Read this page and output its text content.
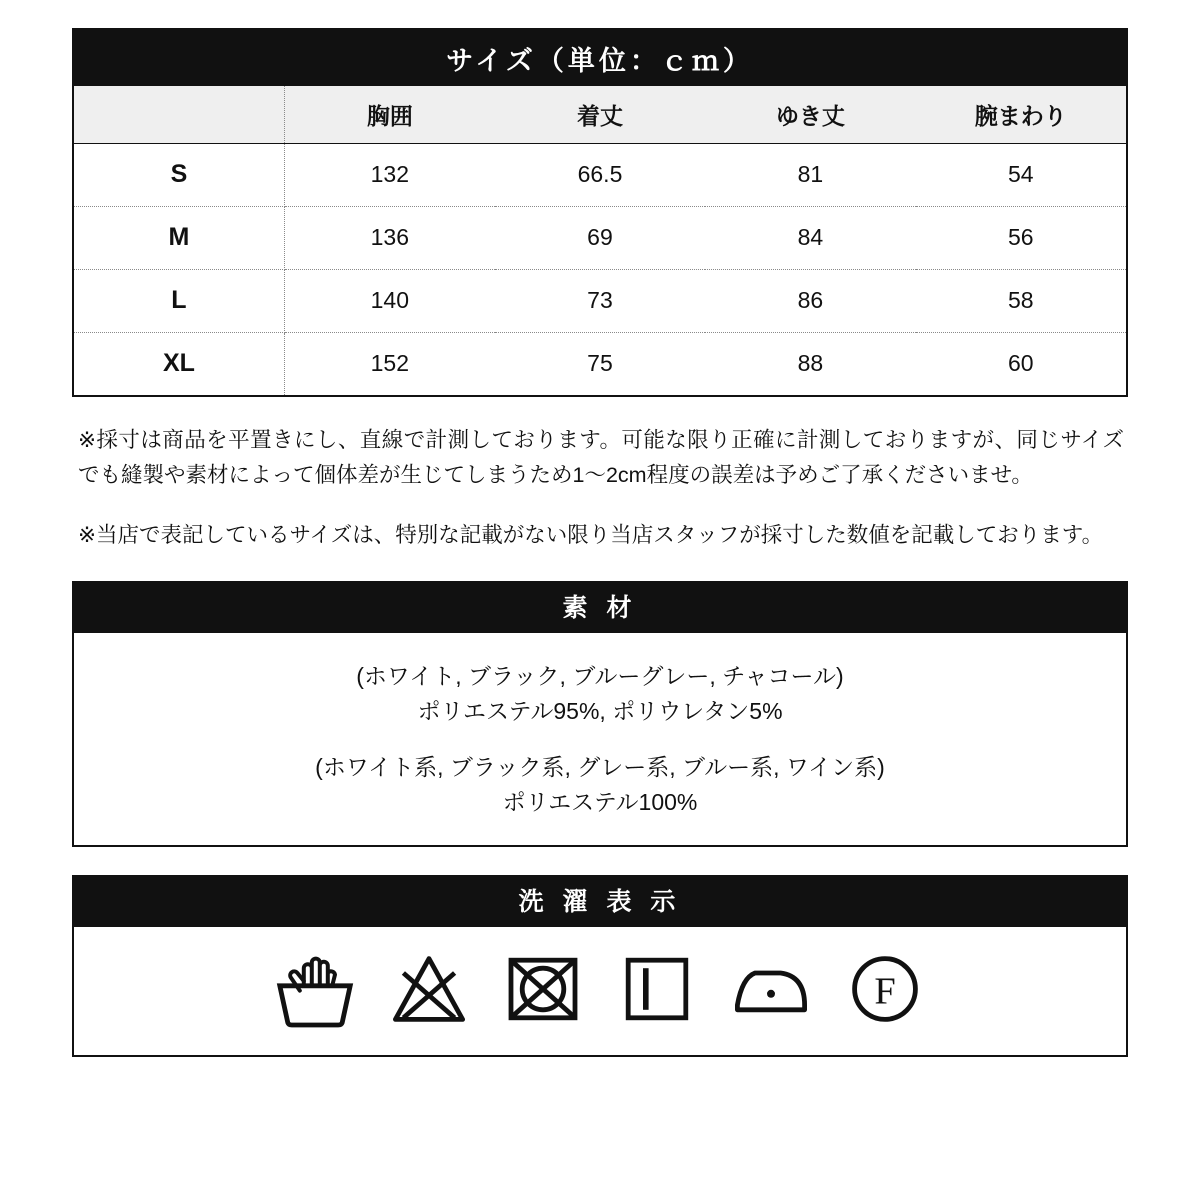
サイズ（単位：ｃｍ）				
	胸囲	着丈	ゆき丈	腕まわり
S	132	66.5	81	54
M	136	69	84	56
L	140	73	86	58
XL	152	75	88	60

※採寸は商品を平置きにし、直線で計測しております。可能な限り正確に計測しておりますが、同じサイズでも縫製や素材によって個体差が生じてしまうため1〜2cm程度の誤差は予めご了承くださいませ。

※当店で表記しているサイズは、特別な記載がない限り当店スタッフが採寸した数値を記載しております。

素 材
(ホワイト, ブラック, ブルーグレー, チャコール)
ポリエステル95%, ポリウレタン5%
(ホワイト系, ブラック系, グレー系, ブルー系, ワイン系)
ポリエステル100%
洗 濯 表 示
F
